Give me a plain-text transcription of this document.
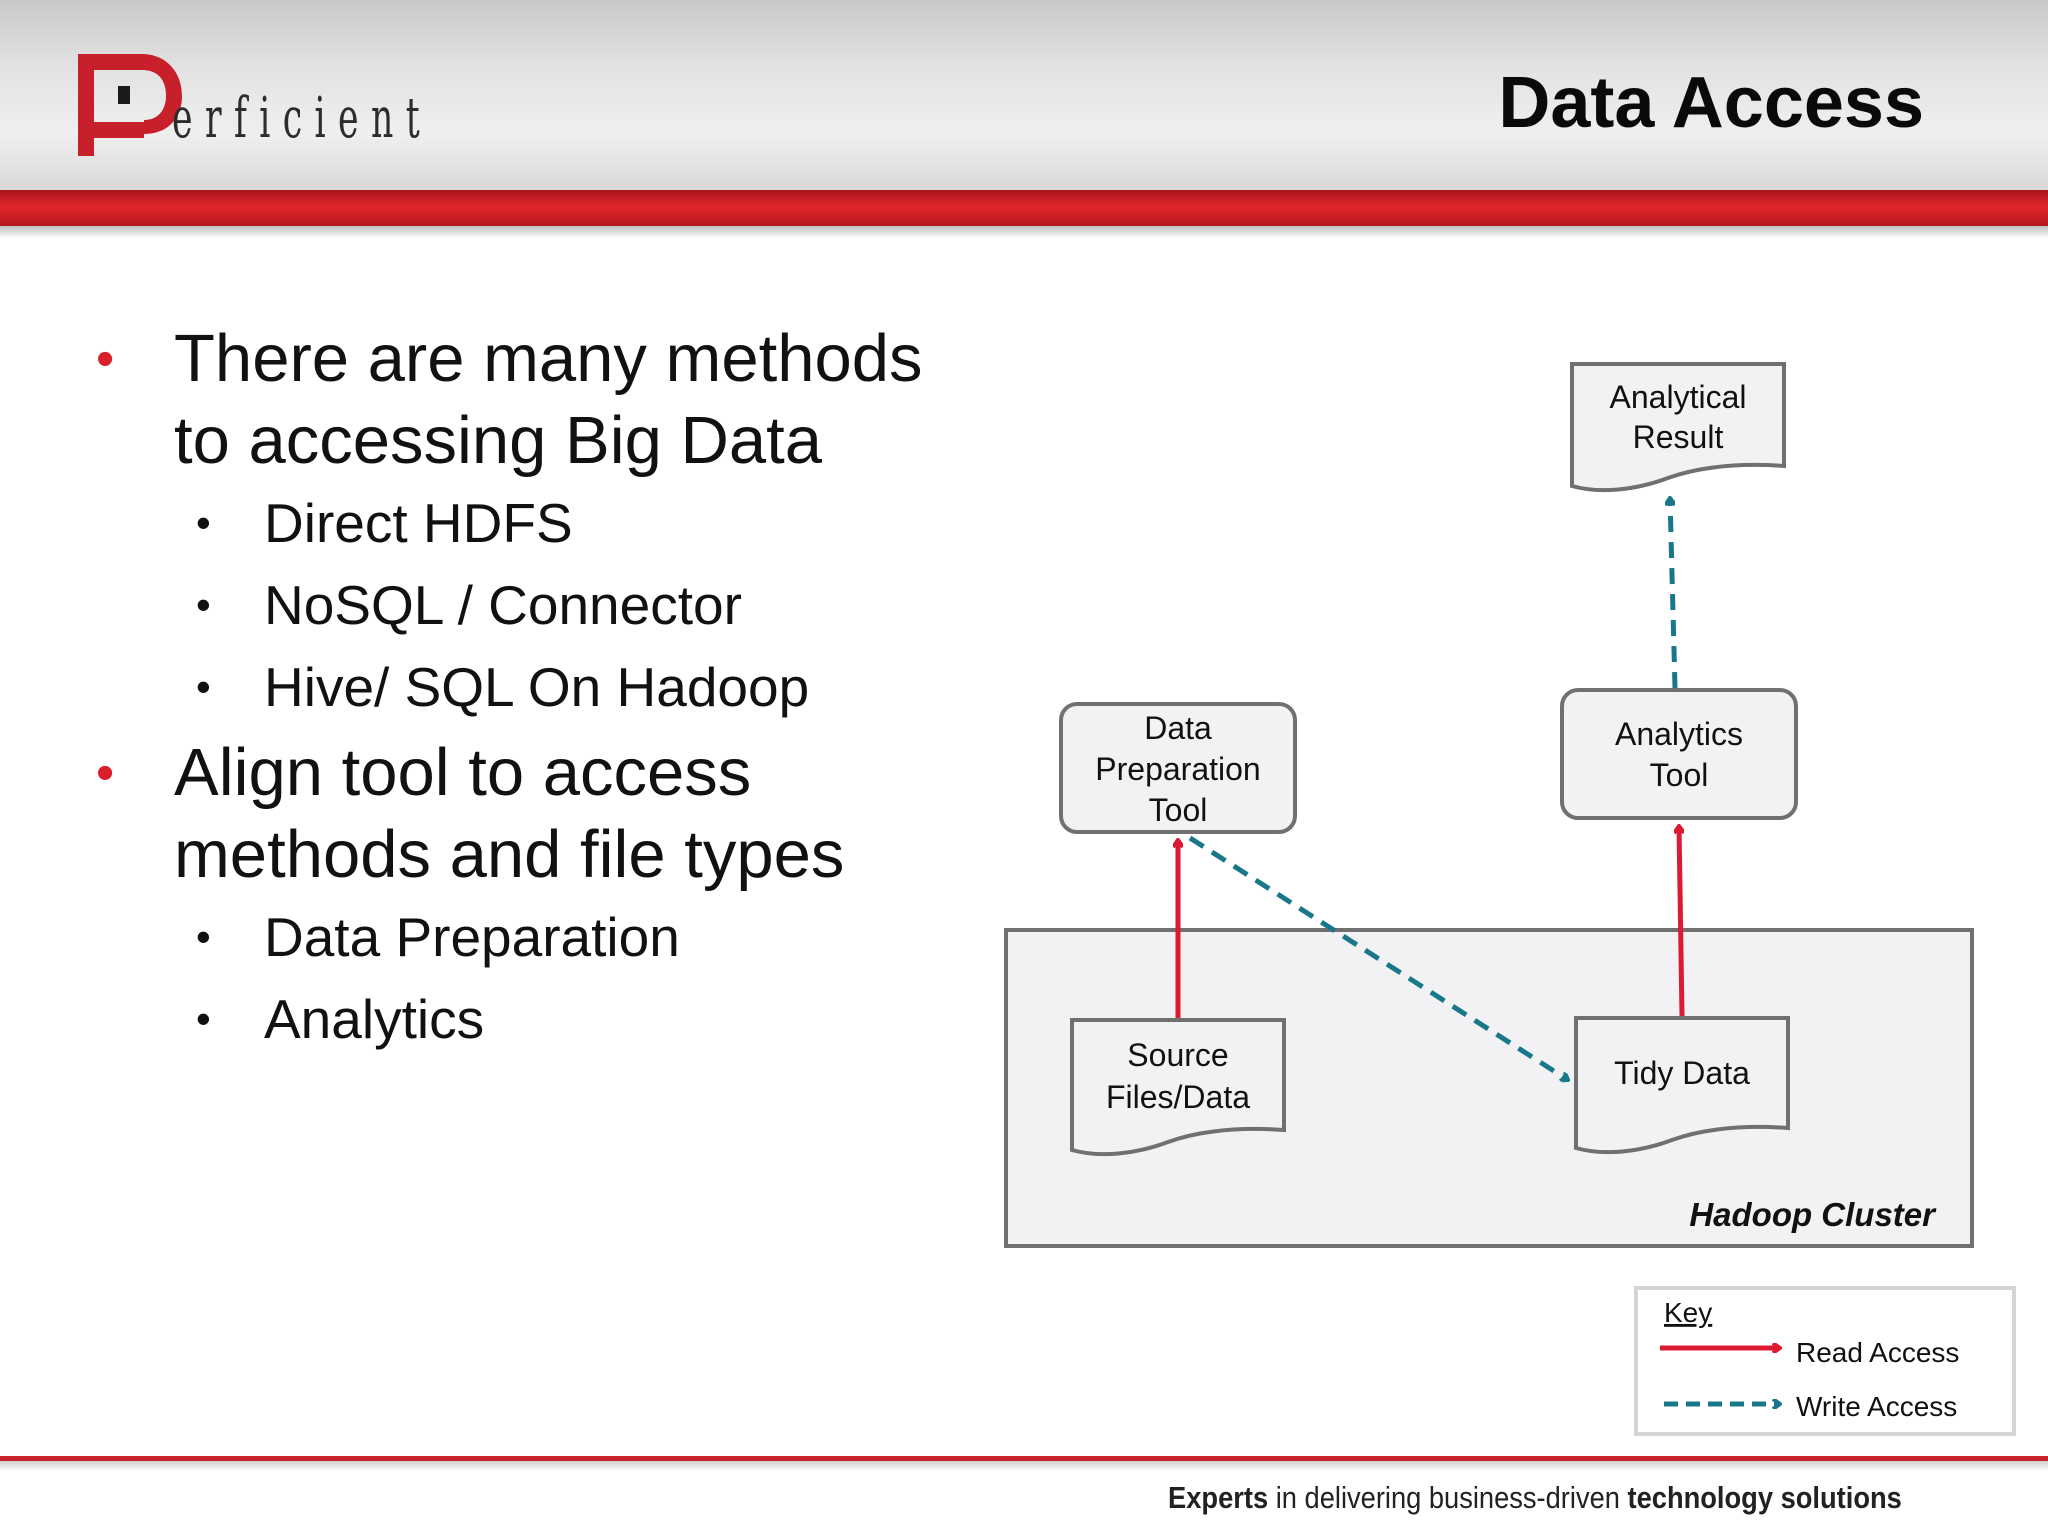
erficient	Data Access
• There are many methods to accessing Big Data
• Direct HDFS
• NoSQL / Connector
• Hive/ SQL On Hadoop
• Align tool to access methods and file types
• Data Preparation
• Analytics
Hadoop Cluster
Analytical
Result
Analytics
Tool
Data
Preparation
Tool
Source
Files/Data
Tidy Data
Key
Read Access
Write Access
Experts in delivering business-driven technology solutions
